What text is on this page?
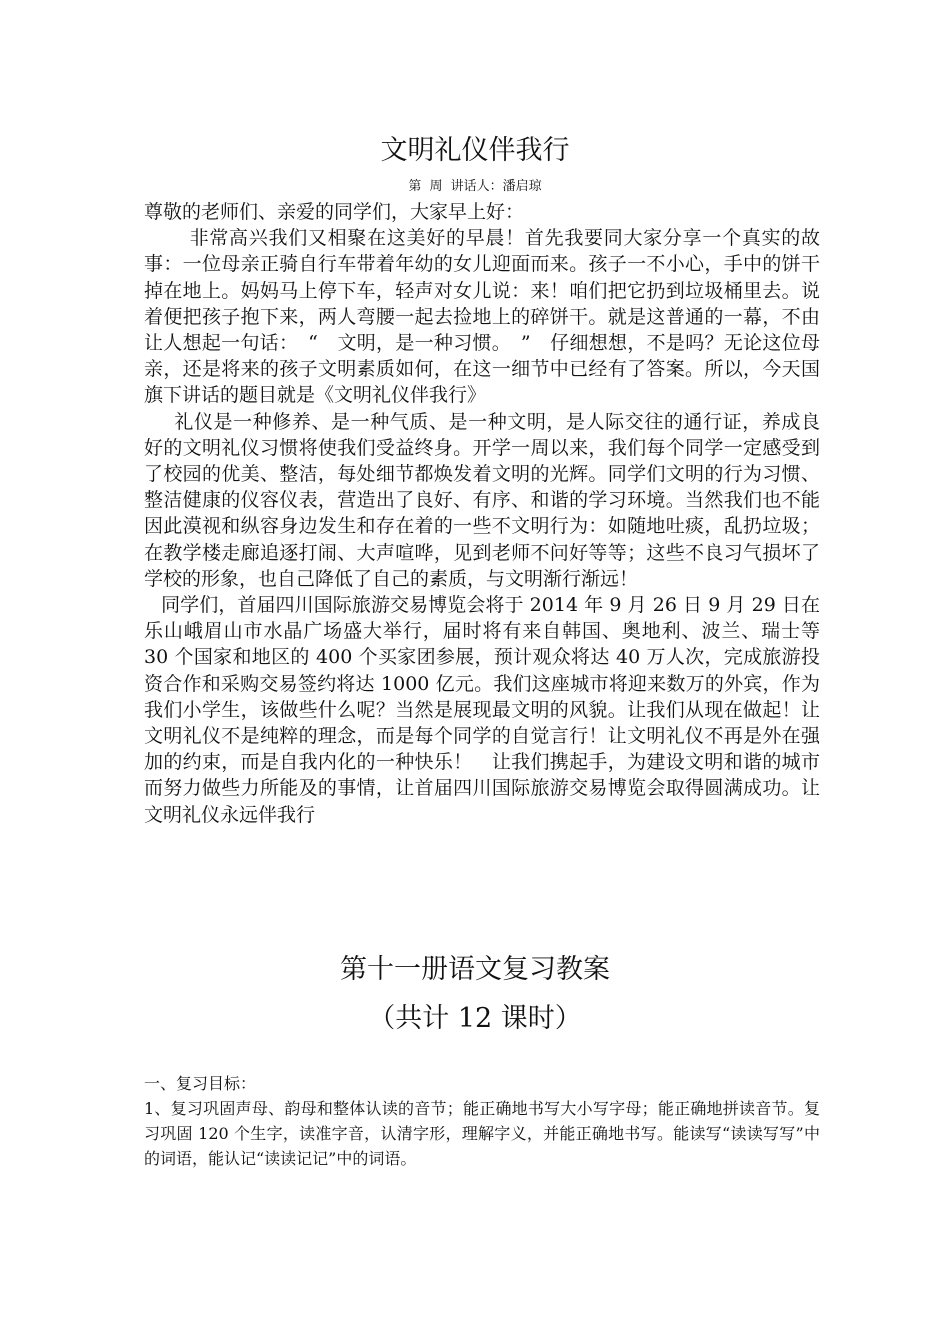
文明礼仪伴我行
第 周 讲话人：潘启琼

尊敬的老师们、亲爱的同学们，大家早上好：

非常高兴我们又相聚在这美好的早晨！首先我要同大家分享一个真实的故事：一位母亲正骑自行车带着年幼的女儿迎面而来。孩子一不小心，手中的饼干掉在地上。妈妈马上停下车，轻声对女儿说：来！咱们把它扔到垃圾桶里去。说着便把孩子抱下来，两人弯腰一起去捡地上的碎饼干。就是这普通的一幕，不由让人想起一句话：　“　文明，是一种习惯。　”　仔细想想，不是吗？无论这位母亲，还是将来的孩子文明素质如何，在这一细节中已经有了答案。所以，今天国旗下讲话的题目就是《文明礼仪伴我行》

礼仪是一种修养、是一种气质、是一种文明，是人际交往的通行证，养成良好的文明礼仪习惯将使我们受益终身。开学一周以来，我们每个同学一定感受到了校园的优美、整洁，每处细节都焕发着文明的光辉。同学们文明的行为习惯、整洁健康的仪容仪表，营造出了良好、有序、和谐的学习环境。当然我们也不能因此漠视和纵容身边发生和存在着的一些不文明行为：如随地吐痰，乱扔垃圾；在教学楼走廊追逐打闹、大声喧哗，见到老师不问好等等；这些不良习气损坏了学校的形象，也自己降低了自己的素质，与文明渐行渐远！

同学们，首届四川国际旅游交易博览会将于 2014 年 9 月 26 日 9 月 29 日在乐山峨眉山市水晶广场盛大举行，届时将有来自韩国、奥地利、波兰、瑞士等 30 个国家和地区的 400 个买家团参展，预计观众将达 40 万人次，完成旅游投资合作和采购交易签约将达 1000 亿元。我们这座城市将迎来数万的外宾，作为我们小学生，该做些什么呢？当然是展现最文明的风貌。让我们从现在做起！让文明礼仪不是纯粹的理念，而是每个同学的自觉言行！让文明礼仪不再是外在强加的约束，而是自我内化的一种快乐！　让我们携起手，为建设文明和谐的城市而努力做些力所能及的事情，让首届四川国际旅游交易博览会取得圆满成功。让文明礼仪永远伴我行

第十一册语文复习教案
（共计 12 课时）

一、复习目标：

1、复习巩固声母、韵母和整体认读的音节；能正确地书写大小写字母；能正确地拼读音节。复习巩固 120 个生字，读准字音，认清字形，理解字义，并能正确地书写。能读写“读读写写”中的词语，能认记“读读记记”中的词语。
